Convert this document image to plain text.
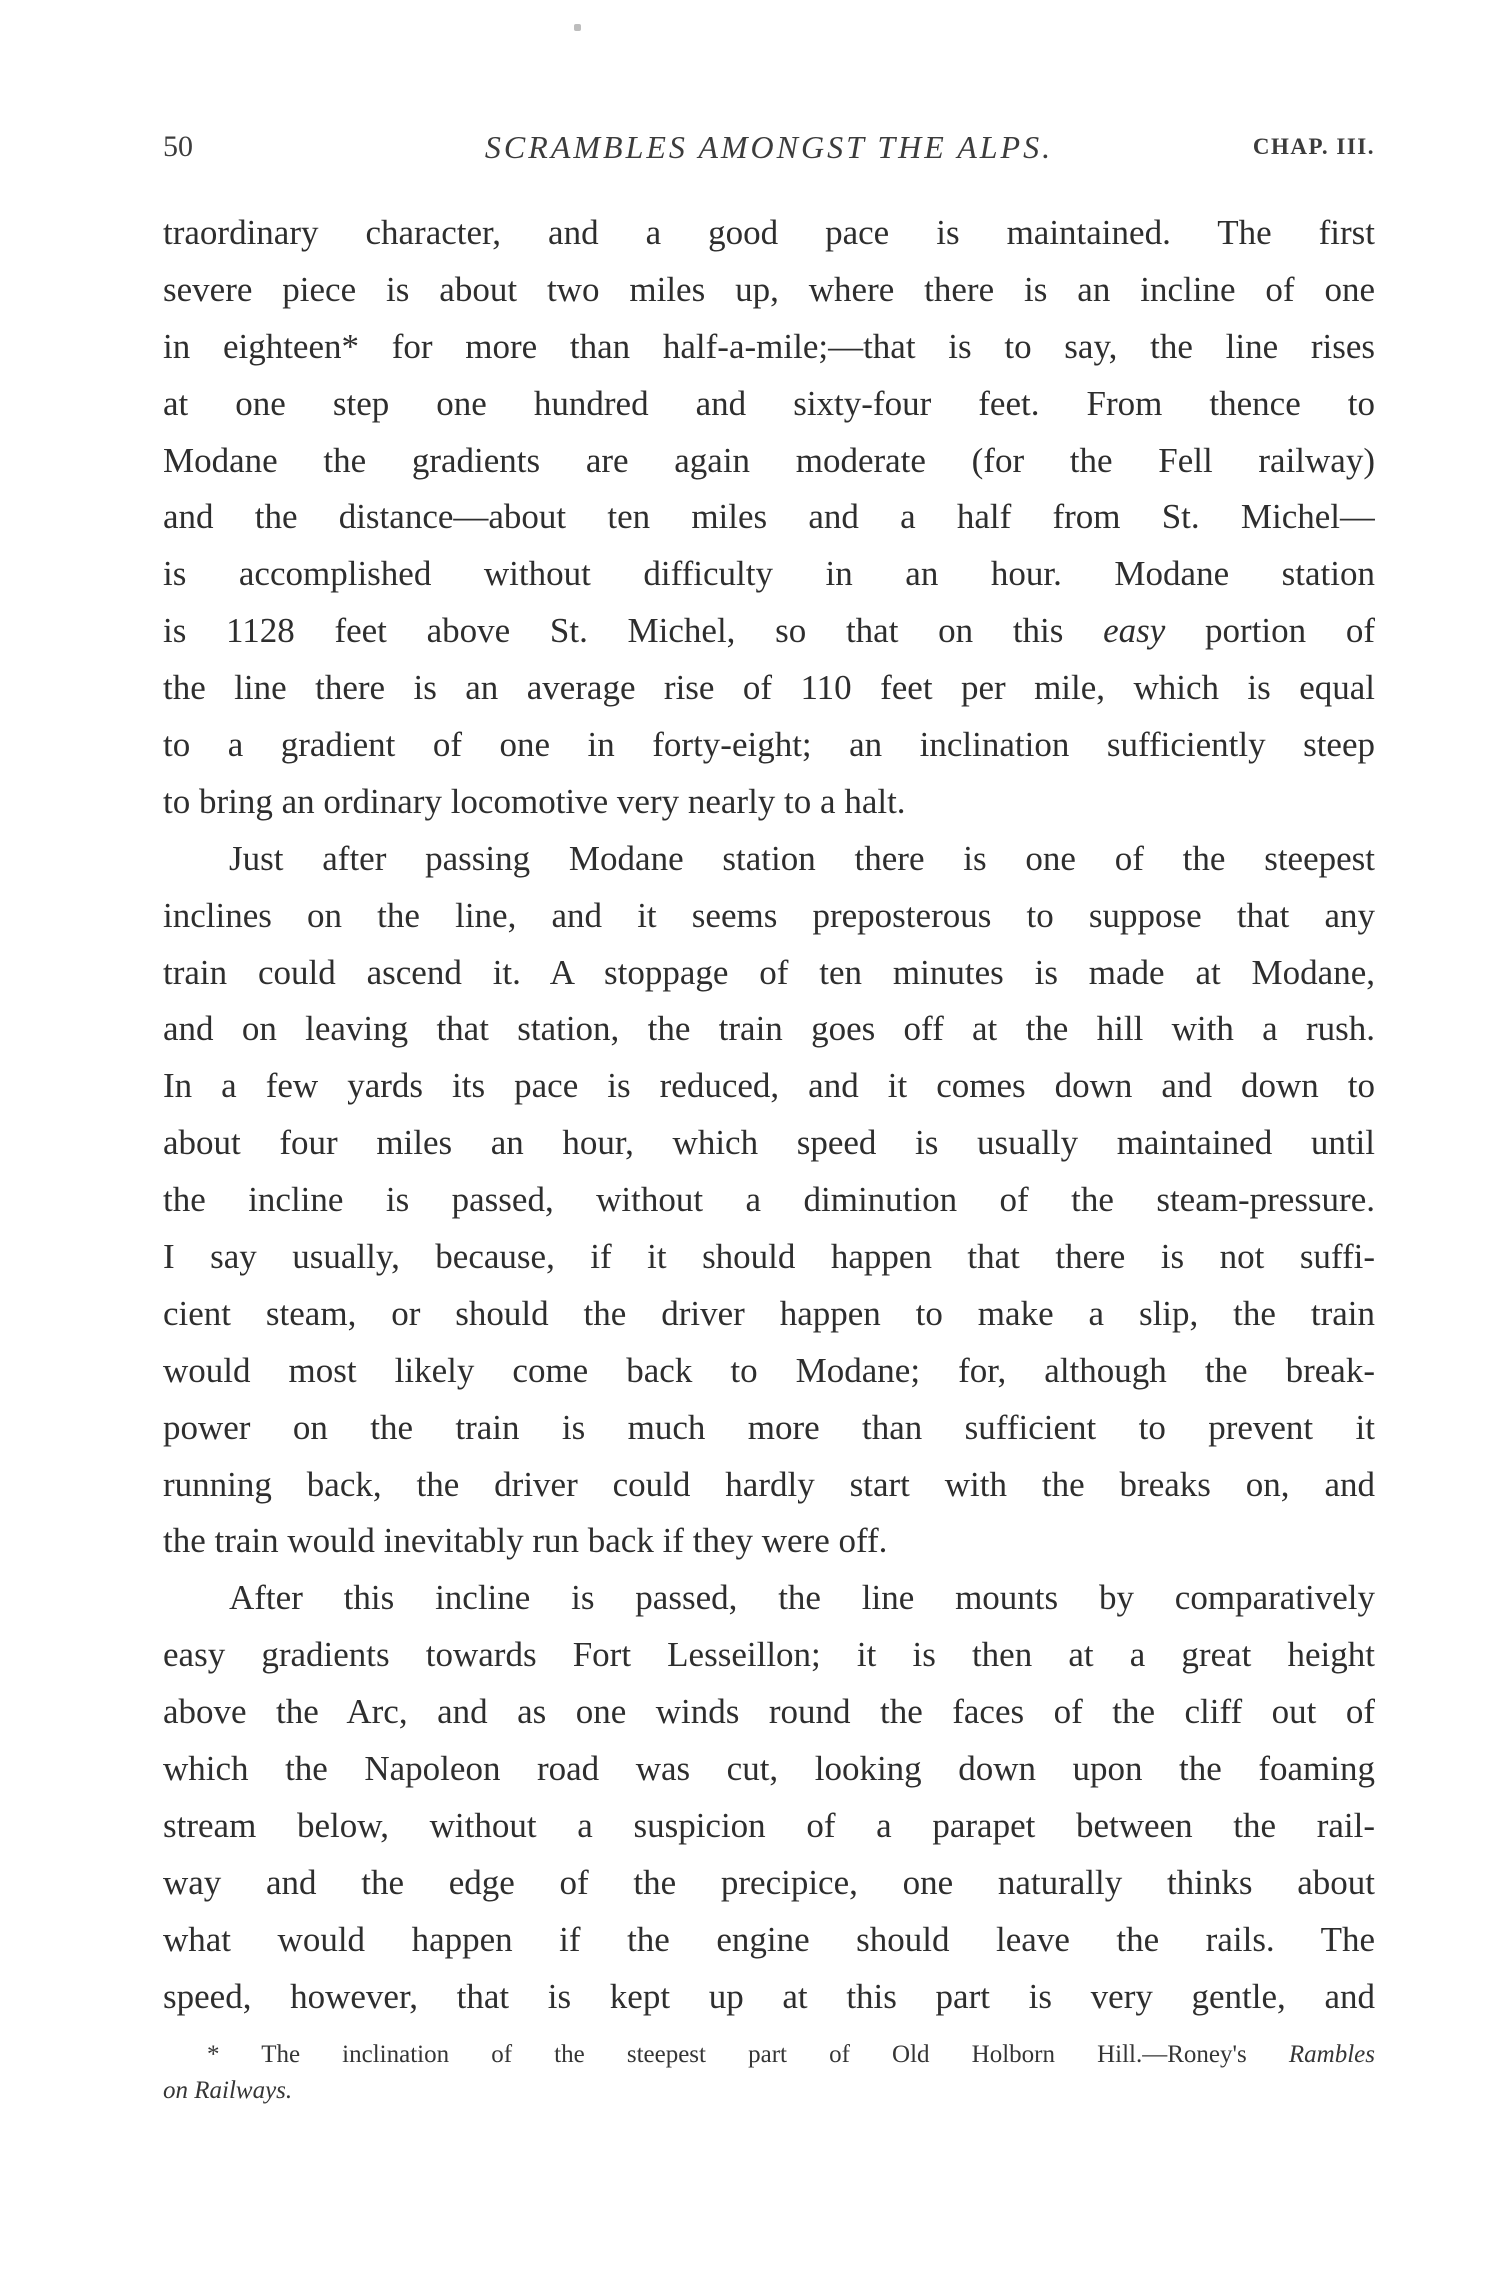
50	SCRAMBLES AMONGST THE ALPS.	CHAP. III.
traordinary character, and a good pace is maintained. The first
severe piece is about two miles up, where there is an incline of one
in eighteen* for more than half-a-mile;—that is to say, the line rises
at one step one hundred and sixty-four feet. From thence to
Modane the gradients are again moderate (for the Fell railway)
and the distance—about ten miles and a half from St. Michel—
is accomplished without difficulty in an hour. Modane station
is 1128 feet above St. Michel, so that on this easy portion of
the line there is an average rise of 110 feet per mile, which is equal
to a gradient of one in forty-eight; an inclination sufficiently steep
to bring an ordinary locomotive very nearly to a halt.
Just after passing Modane station there is one of the steepest
inclines on the line, and it seems preposterous to suppose that any
train could ascend it. A stoppage of ten minutes is made at Modane,
and on leaving that station, the train goes off at the hill with a rush.
In a few yards its pace is reduced, and it comes down and down to
about four miles an hour, which speed is usually maintained until
the incline is passed, without a diminution of the steam-pressure.
I say usually, because, if it should happen that there is not suffi-
cient steam, or should the driver happen to make a slip, the train
would most likely come back to Modane; for, although the break-
power on the train is much more than sufficient to prevent it
running back, the driver could hardly start with the breaks on, and
the train would inevitably run back if they were off.
After this incline is passed, the line mounts by comparatively
easy gradients towards Fort Lesseillon; it is then at a great height
above the Arc, and as one winds round the faces of the cliff out of
which the Napoleon road was cut, looking down upon the foaming
stream below, without a suspicion of a parapet between the rail-
way and the edge of the precipice, one naturally thinks about
what would happen if the engine should leave the rails. The
speed, however, that is kept up at this part is very gentle, and
* The inclination of the steepest part of Old Holborn Hill.—Roney's Rambles
on Railways.
